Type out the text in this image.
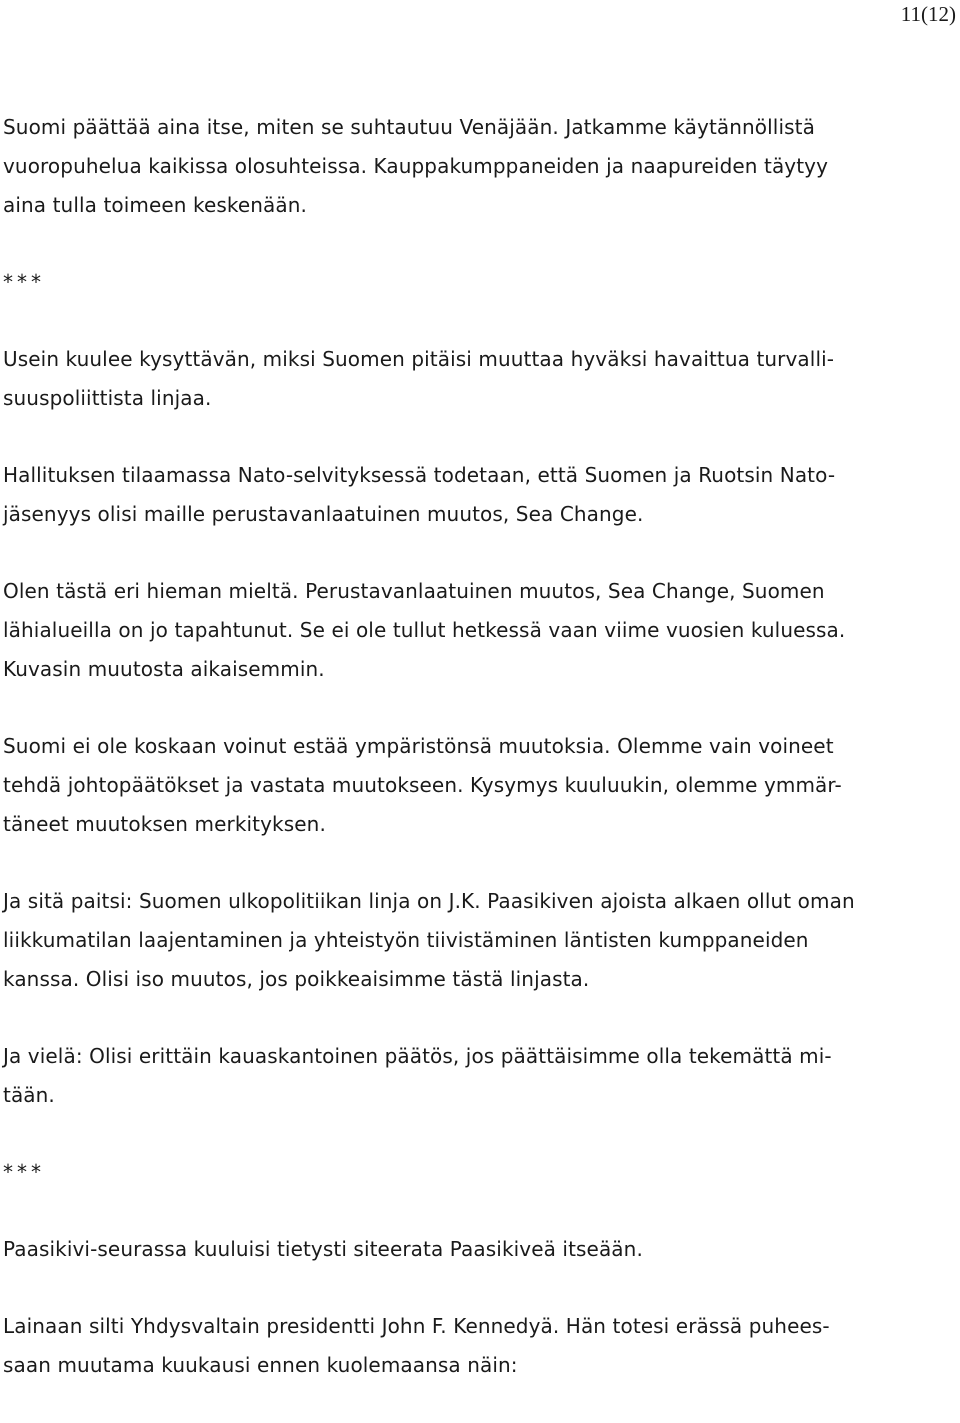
11(12)

Suomi päättää aina itse, miten se suhtautuu Venäjään. Jatkamme käytännöllistä
vuoropuhelua kaikissa olosuhteissa. Kauppakumppaneiden ja naapureiden täytyy
aina tulla toimeen keskenään.

***

Usein kuulee kysyttävän, miksi Suomen pitäisi muuttaa hyväksi havaittua turvalli-
suuspoliittista linjaa.

Hallituksen tilaamassa Nato-selvityksessä todetaan, että Suomen ja Ruotsin Nato-
jäsenyys olisi maille perustavanlaatuinen muutos, Sea Change.

Olen tästä eri hieman mieltä. Perustavanlaatuinen muutos, Sea Change, Suomen
lähialueilla on jo tapahtunut. Se ei ole tullut hetkessä vaan viime vuosien kuluessa.
Kuvasin muutosta aikaisemmin.

Suomi ei ole koskaan voinut estää ympäristönsä muutoksia. Olemme vain voineet
tehdä johtopäätökset ja vastata muutokseen. Kysymys kuuluukin, olemme ymmär-
täneet muutoksen merkityksen.

Ja sitä paitsi: Suomen ulkopolitiikan linja on J.K. Paasikiven ajoista alkaen ollut oman
liikkumatilan laajentaminen ja yhteistyön tiivistäminen läntisten kumppaneiden
kanssa. Olisi iso muutos, jos poikkeaisimme tästä linjasta.

Ja vielä: Olisi erittäin kauaskantoinen päätös, jos päättäisimme olla tekemättä mi-
tään.

***

Paasikivi-seurassa kuuluisi tietysti siteerata Paasikiveä itseään.

Lainaan silti Yhdysvaltain presidentti John F. Kennedyä. Hän totesi erässä puhees-
saan muutama kuukausi ennen kuolemaansa näin:
